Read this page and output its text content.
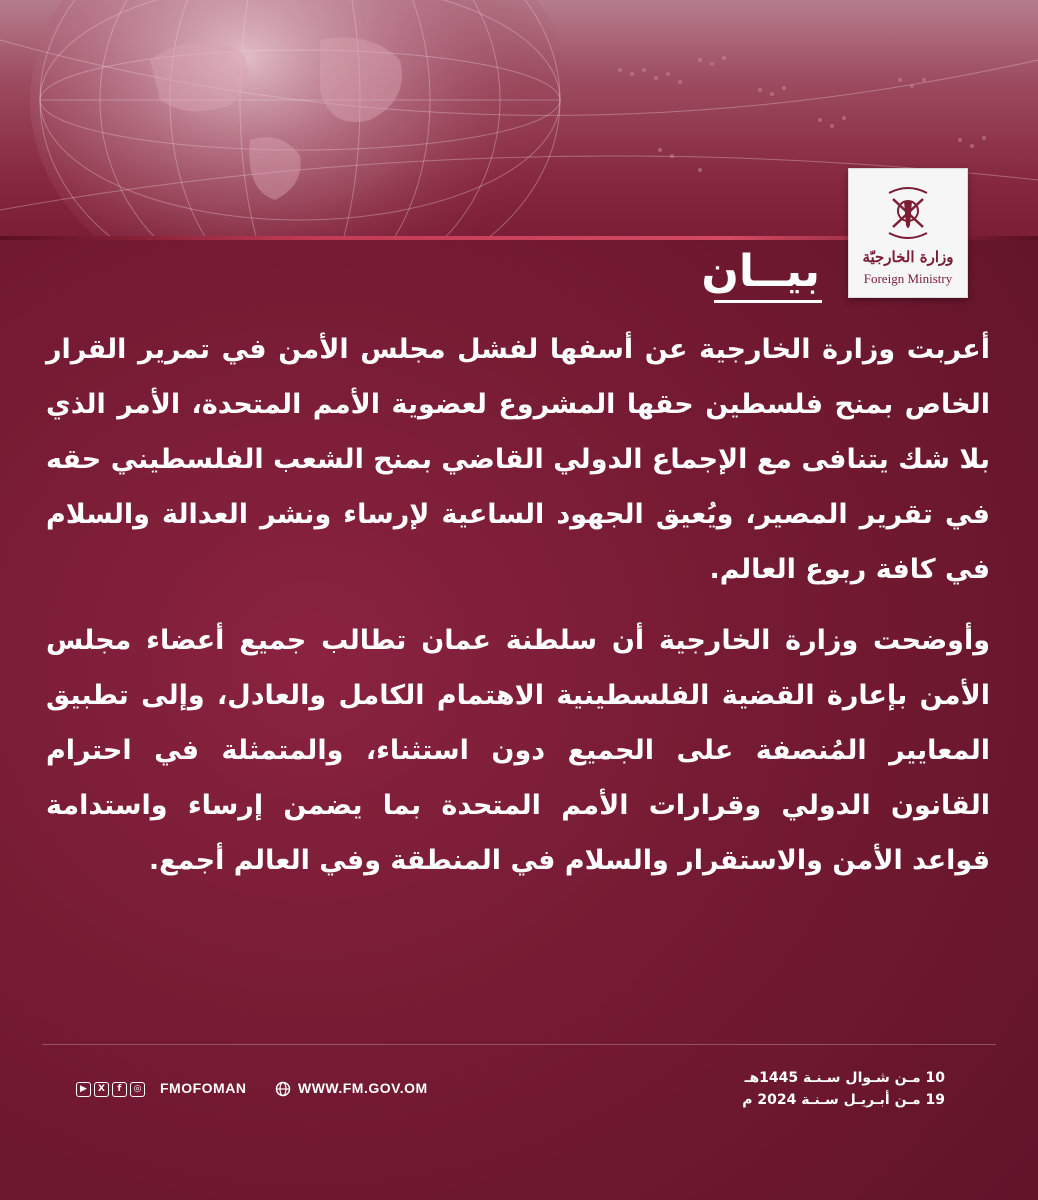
وزارة الخارجيّة
Foreign Ministry
بيــان

أعربت وزارة الخارجية عن أسفها لفشل مجلس الأمن في تمرير القرار الخاص بمنح فلسطين حقها المشروع لعضوية الأمم المتحدة، الأمر الذي بلا شك يتنافى مع الإجماع الدولي القاضي بمنح الشعب الفلسطيني حقه في تقرير المصير، ويُعيق الجهود الساعية لإرساء ونشر العدالة والسلام في كافة ربوع العالم.

وأوضحت وزارة الخارجية أن سلطنة عمان تطالب جميع أعضاء مجلس الأمن بإعارة القضية الفلسطينية الاهتمام الكامل والعادل، وإلى تطبيق المعايير المُنصفة على الجميع دون استثناء، والمتمثلة في احترام القانون الدولي وقرارات الأمم المتحدة بما يضمن إرساء واستدامة قواعد الأمن والاستقرار والسلام في المنطقة وفي العالم أجمع.

▶	X	f	◎ FMOFOMAN	WWW.FM.GOV.OM
10 مـن شـوال سـنـة 1445هـ
19 مـن أبـريـل سـنـة 2024 م
